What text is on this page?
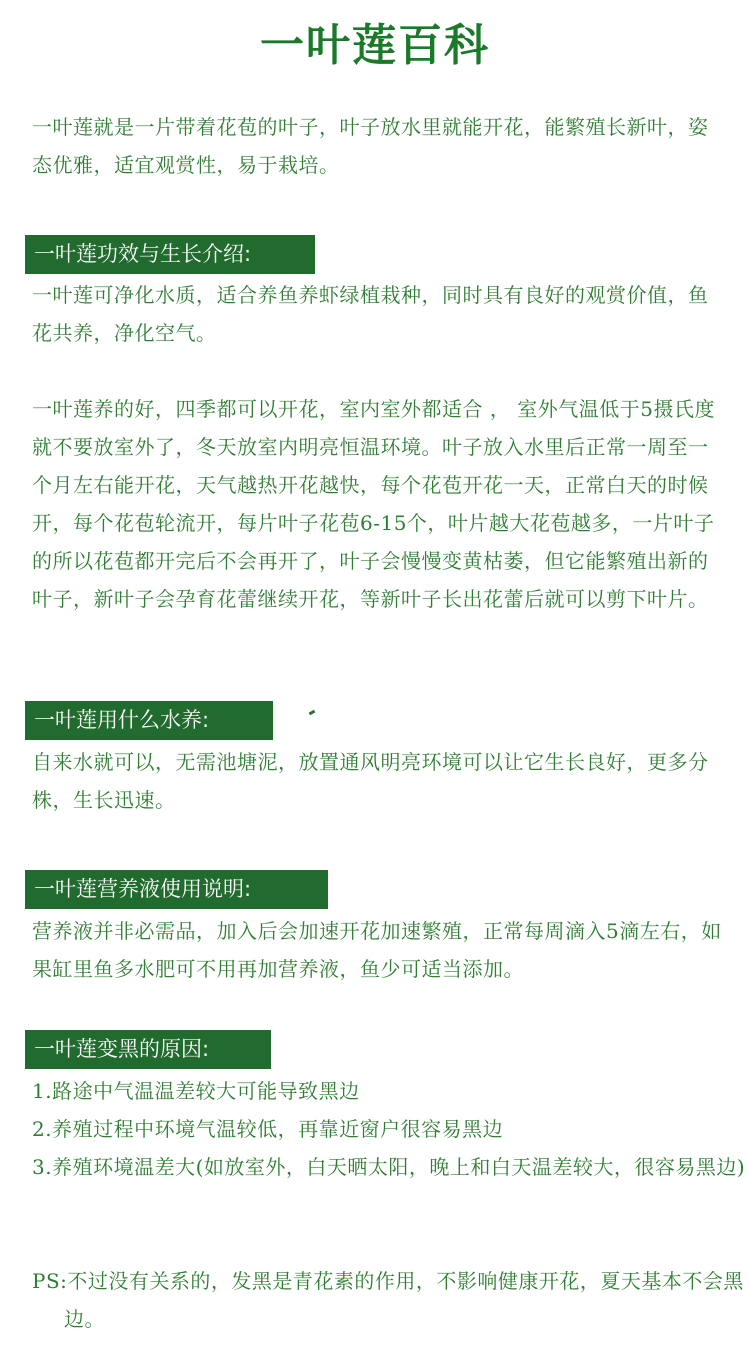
一叶莲百科

一叶莲就是一片带着花苞的叶子，叶子放水里就能开花，能繁殖长新叶，姿态优雅，适宜观赏性，易于栽培。

一叶莲功效与生长介绍:

一叶莲可净化水质，适合养鱼养虾绿植栽种，同时具有良好的观赏价值，鱼花共养，净化空气。

一叶莲养的好，四季都可以开花，室内室外都适合 ， 室外气温低于5摄氏度就不要放室外了，冬天放室内明亮恒温环境。叶子放入水里后正常一周至一个月左右能开花，天气越热开花越快，每个花苞开花一天，正常白天的时候开，每个花苞轮流开，每片叶子花苞6-15个，叶片越大花苞越多，一片叶子的所以花苞都开完后不会再开了，叶子会慢慢变黄枯萎，但它能繁殖出新的叶子，新叶子会孕育花蕾继续开花，等新叶子长出花蕾后就可以剪下叶片。

一叶莲用什么水养:

自来水就可以，无需池塘泥，放置通风明亮环境可以让它生长良好，更多分株，生长迅速。

一叶莲营养液使用说明:

营养液并非必需品，加入后会加速开花加速繁殖，正常每周滴入5滴左右，如果缸里鱼多水肥可不用再加营养液，鱼少可适当添加。

一叶莲变黑的原因:
1.路途中气温温差较大可能导致黑边
2.养殖过程中环境气温较低，再靠近窗户很容易黑边
3.养殖环境温差大(如放室外，白天晒太阳，晚上和白天温差较大，很容易黑边)
PS:不过没有关系的，发黑是青花素的作用，不影响健康开花，夏天基本不会黑边。
